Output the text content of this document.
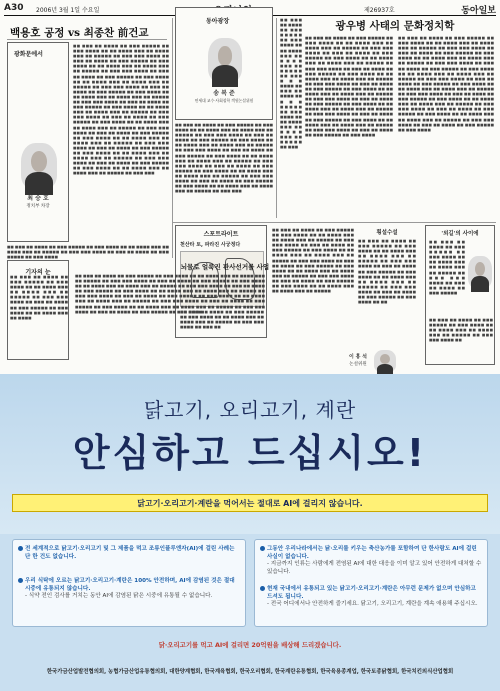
A30 2006년 3월 1일 수요일	제26937호	동아일보
백용호 공정 vs 최종찬 前건교
광화문에서
최 승 호
정치부 차장
■■ ■■■ ■■ ■■■■ ■■ ■■■ ■■■■■ ■■ ■■■ ■■■■ ■■ ■■ ■■■■ ■■■ ■■ ■■■■ ■■■ ■■ ■■■■■ ■■ ■■■ ■■■ ■■■■ ■■ ■■■ ■■ ■■■■ ■■ ■■■ ■■■■■ ■■ ■■■ ■■■■ ■■ ■■ ■■■■ ■■■ ■■ ■■■■ ■■■ ■■ ■■■■■ ■■ ■■■ ■■■ ■■■■ ■■ ■■■ ■■ ■■■■ ■■ ■■■ ■■■■■ ■■ ■■■ ■■■■ ■■ ■■ ■■■■ ■■■ ■■ ■■■■ ■■■ ■■ ■■■■■ ■■ ■■■ ■■■ ■■■■ ■■ ■■■ ■■ ■■■■ ■■ ■■■ ■■■■■ ■■ ■■■ ■■■■ ■■ ■■ ■■■■ ■■■ ■■ ■■■■ ■■■ ■■ ■■■■■ ■■ ■■■ ■■■ ■■■■ ■■ ■■■ ■■ ■■■■ ■■ ■■■ ■■■■■ ■■ ■■■ ■■■■ ■■ ■■ ■■■■ ■■■ ■■ ■■■■ ■■■ ■■ ■■■■■ ■■ ■■■ ■■■ ■■■■ ■■ ■■■ ■■ ■■■■ ■■ ■■■ ■■■■■ ■■ ■■■ ■■■■ ■■ ■■ ■■■■ ■■■ ■■ ■■■■ ■■■ ■■ ■■■■■ ■■ ■■■ ■■■ ■■■■ ■■ ■■■ ■■ ■■■■ ■■ ■■■ ■■■■■ ■■ ■■■ ■■■■ ■■ ■■ ■■■■ ■■■ ■■ ■■■■ ■■■ ■■ ■■■■■ ■■ ■■■ ■■■ ■■■■ ■■ ■■■ ■■ ■■■■ ■■ ■■■ ■■■■■ ■■ ■■■ ■■■■ ■■ ■■ ■■■■ ■■■ ■■ ■■■■ ■■■ ■■ ■■■■■ ■■ ■■■ ■■■ ■■■■ ■■ ■■■ ■■ ■■■■ ■■ ■■■ ■■■■■ ■■ ■■■ ■■■■ ■■ ■■ ■■■■ ■■■ ■■ ■■■■ ■■■ ■■ ■■■■■ ■■ ■■■ ■■■
■■ ■■■ ■■ ■■■■ ■■ ■■■ ■■■■■ ■■ ■■■ ■■■■ ■■ ■■ ■■■■ ■■■ ■■ ■■■■ ■■■ ■■ ■■■■■ ■■ ■■■ ■■■ ■■■■ ■■ ■■■ ■■ ■■■■ ■■ ■■■ ■■■■■ ■■ ■■■ ■■■■
동아광장
송 복 준
연세대 교수·사회철학 객원논설위원
■■ ■■■ ■■ ■■■■ ■■ ■■■ ■■■■■ ■■ ■■■ ■■■■ ■■ ■■ ■■■■ ■■■ ■■ ■■■■ ■■■ ■■ ■■■■■ ■■ ■■■ ■■■ ■■■■ ■■ ■■■ ■■ ■■■■ ■■ ■■■ ■■■■■ ■■ ■■■ ■■■■ ■■ ■■ ■■■■ ■■■ ■■ ■■■■ ■■■ ■■ ■■■■■ ■■ ■■■ ■■■ ■■■■ ■■ ■■■ ■■ ■■■■ ■■ ■■■ ■■■■■ ■■ ■■■ ■■■■ ■■ ■■ ■■■■ ■■■ ■■ ■■■■ ■■■ ■■ ■■■■■ ■■ ■■■ ■■■ ■■■■ ■■ ■■■ ■■ ■■■■ ■■ ■■■ ■■■■■ ■■ ■■■ ■■■■ ■■ ■■ ■■■■ ■■■ ■■ ■■■■ ■■■ ■■ ■■■■■ ■■ ■■■ ■■■ ■■■■ ■■ ■■■ ■■ ■■■■ ■■ ■■■ ■■■■■ ■■ ■■■ ■■■■ ■■ ■■ ■■■■ ■■■ ■■ ■■■■ ■■■ ■■ ■■■■■ ■■ ■■■ ■■■
■■ ■■■ ■■ ■■■■ ■■ ■■■ ■■■■■ ■■ ■■■ ■■■■ ■■ ■■ ■■■■ ■■■ ■■ ■■■■ ■■■ ■■ ■■■■■ ■■ ■■■ ■■■ ■■■■ ■■ ■■■ ■■ ■■■■ ■■ ■■■ ■■■■■ ■■ ■■■ ■■■■ ■■ ■■ ■■■■ ■■■ ■■ ■■■■ ■■■ ■■ ■■■■■ ■■ ■■■
광우병 사태의 문화정치학
■■ ■■■ ■■ ■■■■ ■■ ■■■ ■■■■■ ■■ ■■■ ■■■■ ■■ ■■ ■■■■ ■■■ ■■ ■■■■ ■■■ ■■ ■■■■■ ■■ ■■■ ■■■ ■■■■ ■■ ■■■ ■■ ■■■■ ■■ ■■■ ■■■■■ ■■ ■■■ ■■■■ ■■ ■■ ■■■■ ■■■ ■■ ■■■■ ■■■ ■■ ■■■■■ ■■ ■■■ ■■■ ■■■■ ■■ ■■■ ■■ ■■■■ ■■ ■■■ ■■■■■ ■■ ■■■ ■■■■ ■■ ■■ ■■■■ ■■■ ■■ ■■■■ ■■■ ■■ ■■■■■ ■■ ■■■ ■■■ ■■■■ ■■ ■■■ ■■ ■■■■ ■■ ■■■ ■■■■■ ■■ ■■■ ■■■■ ■■ ■■ ■■■■ ■■■ ■■ ■■■■ ■■■ ■■ ■■■■■ ■■ ■■■ ■■■ ■■■■ ■■ ■■■ ■■ ■■■■ ■■ ■■■ ■■■■■ ■■ ■■■ ■■■■ ■■ ■■ ■■■■ ■■■ ■■ ■■■■ ■■■ ■■ ■■■■■ ■■ ■■■ ■■■ ■■■■ ■■ ■■■ ■■ ■■■■ ■■ ■■■ ■■■■■ ■■ ■■■ ■■■■ ■■ ■■ ■■■■ ■■■ ■■ ■■■■ ■■■ ■■ ■■■■■ ■■ ■■■ ■■■ ■■■■ ■■ ■■■ ■■ ■■■■ ■■ ■■■ ■■■■■ ■■ ■■■ ■■■■
■■ ■■■ ■■ ■■■■ ■■ ■■■ ■■■■■ ■■ ■■■ ■■■■ ■■ ■■ ■■■■ ■■■ ■■ ■■■■ ■■■ ■■ ■■■■■ ■■ ■■■ ■■■ ■■■■ ■■ ■■■ ■■ ■■■■ ■■ ■■■ ■■■■■ ■■ ■■■ ■■■■ ■■ ■■ ■■■■ ■■■ ■■ ■■■■ ■■■ ■■ ■■■■■ ■■ ■■■ ■■■ ■■■■ ■■ ■■■ ■■ ■■■■ ■■ ■■■ ■■■■■ ■■ ■■■ ■■■■ ■■ ■■ ■■■■ ■■■ ■■ ■■■■ ■■■ ■■ ■■■■■ ■■ ■■■ ■■■ ■■■■ ■■ ■■■ ■■ ■■■■ ■■ ■■■ ■■■■■ ■■ ■■■ ■■■■ ■■ ■■ ■■■■ ■■■ ■■ ■■■■ ■■■ ■■ ■■■■■ ■■ ■■■ ■■■ ■■■■ ■■ ■■■ ■■ ■■■■ ■■ ■■■ ■■■■■ ■■ ■■■ ■■■■ ■■ ■■ ■■■■ ■■■ ■■ ■■■■ ■■■ ■■ ■■■■■ ■■ ■■■ ■■■ ■■■■ ■■ ■■■ ■■ ■■■■ ■■ ■■■ ■■■■■ ■■ ■■■ ■■■■ ■■ ■■ ■■■■ ■■■ ■■ ■■■■ ■■■ ■■ ■■■■■ ■■ ■■■ ■■■ ■■■■ ■■ ■■■ ■■ ■■■■ ■■ ■■■ ■■■■■ ■■ ■■■ ■■■■
스포트라이트
천산타 토, 파라진 사궁정다
■■ ■■■ ■■ ■■■■ ■■ ■■■ ■■■■■ ■■ ■■■ ■■■■ ■■ ■■ ■■■■ ■■■ ■■ ■■■■ ■■■ ■■ ■■■■■ ■■ ■■■ ■■■ ■■■■ ■■ ■■■ ■■
■■ ■■■ ■■ ■■■■ ■■ ■■■ ■■■■■ ■■ ■■■ ■■■■ ■■ ■■ ■■■■ ■■■ ■■ ■■■■ ■■■ ■■ ■■■■■ ■■ ■■■ ■■■ ■■■■ ■■ ■■■ ■■ ■■■■ ■■ ■■■ ■■■■■ ■■ ■■■ ■■■■ ■■ ■■ ■■■■ ■■■ ■■ ■■■■ ■■■ ■■ ■■■■■ ■■ ■■■ ■■■ ■■■■ ■■ ■■■ ■■ ■■■■ ■■ ■■■ ■■■■■ ■■ ■■■ ■■■■ ■■ ■■ ■■■■ ■■■ ■■ ■■■■ ■■■ ■■ ■■■■■ ■■ ■■■ ■■■ ■■■■ ■■ ■■■ ■■ ■■■■ ■■ ■■■ ■■■■■ ■■ ■■■ ■■■■ ■■ ■■ ■■■■ ■■■ ■■ ■■■■ ■■■ ■■ ■■■■■
횡설수설
■■ ■■■ ■■ ■■■■ ■■ ■■■ ■■■■■ ■■ ■■■ ■■■■ ■■ ■■ ■■■■ ■■■ ■■ ■■■■ ■■■ ■■ ■■■■■ ■■ ■■■ ■■■ ■■■■ ■■ ■■■ ■■ ■■■■ ■■ ■■■ ■■■■■ ■■ ■■■ ■■■■ ■■ ■■ ■■■■ ■■■ ■■ ■■■■ ■■■ ■■ ■■■■■ ■■ ■■■ ■■■ ■■■■ ■■ ■■■ ■■ ■■■■ ■■ ■■■ ■■■■■ ■■ ■■■ ■■■■ ■■ ■■
'외길'의 사이에
■■ ■■■ ■■ ■■■■ ■■ ■■■ ■■■■■ ■■ ■■■ ■■■■ ■■ ■■ ■■■■ ■■■ ■■ ■■■■ ■■■ ■■ ■■■■■ ■■ ■■■ ■■■ ■■■■ ■■ ■■■ ■■ ■■■■ ■■ ■■■ ■■■■■
■■ ■■■ ■■ ■■■■ ■■ ■■■ ■■■■■ ■■ ■■■ ■■■■ ■■ ■■ ■■■■ ■■■ ■■ ■■■■ ■■■ ■■ ■■■■■ ■■ ■■■ ■■■ ■■■■ ■■
기자의 눈
■■ ■■■ ■■ ■■■■ ■■ ■■■ ■■■■■ ■■ ■■■ ■■■■ ■■ ■■ ■■■■ ■■■ ■■ ■■■■ ■■■ ■■ ■■■■■ ■■ ■■■ ■■■ ■■■■ ■■ ■■■ ■■ ■■■■ ■■ ■■■ ■■■■■ ■■ ■■■ ■■■■ ■■ ■■ ■■■■ ■■■ ■■ ■■■■
뇌물로 얼룩진 판사선거를 사업
■■ ■■■ ■■ ■■■■ ■■ ■■■ ■■■■■ ■■ ■■■ ■■■■ ■■ ■■ ■■■■ ■■■ ■■ ■■■■ ■■■ ■■ ■■■■■ ■■ ■■■ ■■■ ■■■■ ■■ ■■■ ■■ ■■■■ ■■ ■■■ ■■■■■ ■■ ■■■ ■■■■ ■■ ■■ ■■■■ ■■■ ■■ ■■■■ ■■■ ■■ ■■■■■ ■■ ■■■ ■■■ ■■■■ ■■ ■■■ ■■ ■■■■ ■■ ■■■ ■■■■■ ■■ ■■■ ■■■■ ■■ ■■ ■■■■ ■■■ ■■ ■■■■ ■■■ ■■ ■■■■■ ■■ ■■■ ■■■ ■■■■ ■■ ■■■ ■■ ■■■■ ■■ ■■■ ■■■■■ ■■ ■■■ ■■■■ ■■ ■■ ■■■■ ■■■ ■■ ■■■■ ■■■ ■■ ■■■■■ ■■ ■■■ ■■■ ■■■■ ■■ ■■■ ■■ ■■■■ ■■ ■■■ ■■■■■ ■■ ■■■ ■■■■ ■■ ■■ ■■■■ ■■■ ■■ ■■■■ ■■■ ■■ ■■■■■ ■■ ■■■ ■■■ ■■■■ ■■ ■■■ ■■ ■■■■ ■■ ■■■ ■■■■■ ■■ ■■■ ■■■■
이 홍 석
논설위원
닭고기, 오리고기, 계란
안심하고 드십시오!
닭고기·오리고기·계란을 먹어서는 절대로 AI에 걸리지 않습니다.
전 세계적으로 닭고기·오리고기 및 그 제품을 먹고 조류인플루엔자(AI)에 걸린 사례는 단 한 건도 없습니다.
우리 식탁에 오르는 닭고기·오리고기·계란은 100% 안전하며, AI에 감염된 것은 절대 시중에 유통되지 않습니다.
- 식약 전인 검사를 거치는 동안 AI에 감염된 닭은 시중에 유통될 수 없습니다.
그동안 우리나라에서는 닭·오리를 키우는 축산농가를 포함하여 단 한사람도 AI에 걸린 사실이 없습니다.
- 지금까지 인류는 사람에게 전염된 AI에 대한 대응을 이미 알고 있어 안전하게 대처할 수 있습니다.
현재 국내에서 유통되고 있는 닭고기·오리고기·계란은 아무런 문제가 없으며 안심하고 드셔도 됩니다.
- 전국 어디에서나 안전하게 즐기세요. 닭고기, 오리고기, 계란을 계속 애용해 주십시오.
닭·오리고기를 먹고 AI에 걸리면 20억원을 배상해 드리겠습니다.
한국가금산업발전협의회, 농협가금산업유통협의회, 대한양계협회, 한국계육협회, 한국오리협회, 한국계란유통협회, 한국육용종계업, 한국토종닭협회, 한국치킨외식산업협회
